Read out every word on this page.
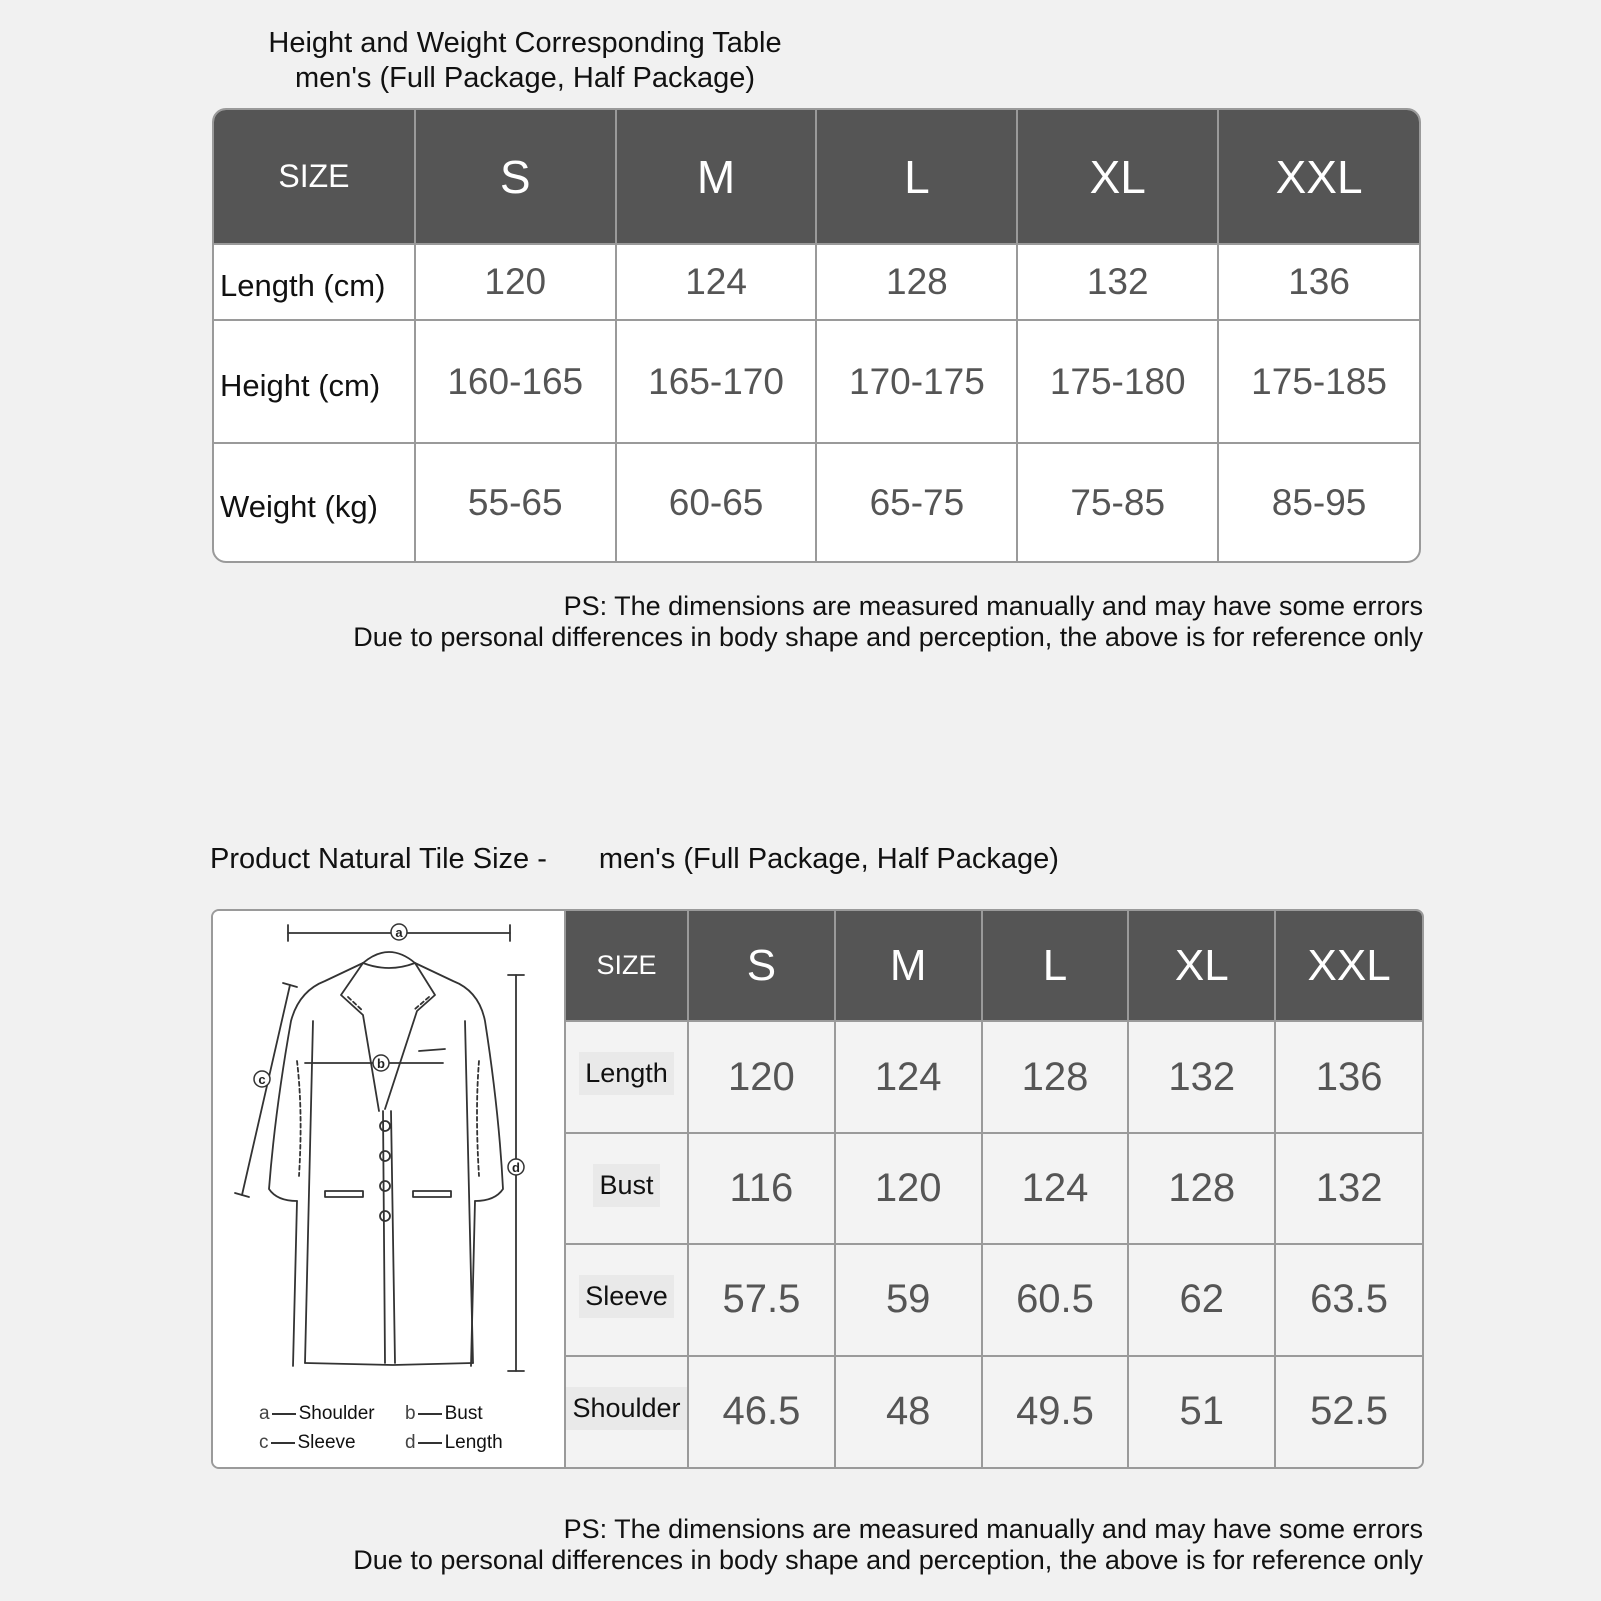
Height and Weight Corresponding Table
men's (Full Package, Half Package)
SIZE	S	M	L	XL	XXL
Length (cm)	120	124	128	132	136
Height (cm)	160-165	165-170	170-175	175-180	175-185
Weight (kg)	55-65	60-65	65-75	75-85	85-95
PS: The dimensions are measured manually and may have some errors
Due to personal differences in body shape and perception, the above is for reference only
Product Natural Tile Size - men's (Full Package, Half Package)
a
b
c
d
a Shoulder b Bust
c Sleeve	d Length
SIZE	S	M	L	XL	XXL
Length	120	124	128	132	136
Bust	116	120	124	128	132
Sleeve	57.5	59	60.5	62	63.5
Shoulder	46.5	48	49.5	51	52.5
PS: The dimensions are measured manually and may have some errors
Due to personal differences in body shape and perception, the above is for reference only
